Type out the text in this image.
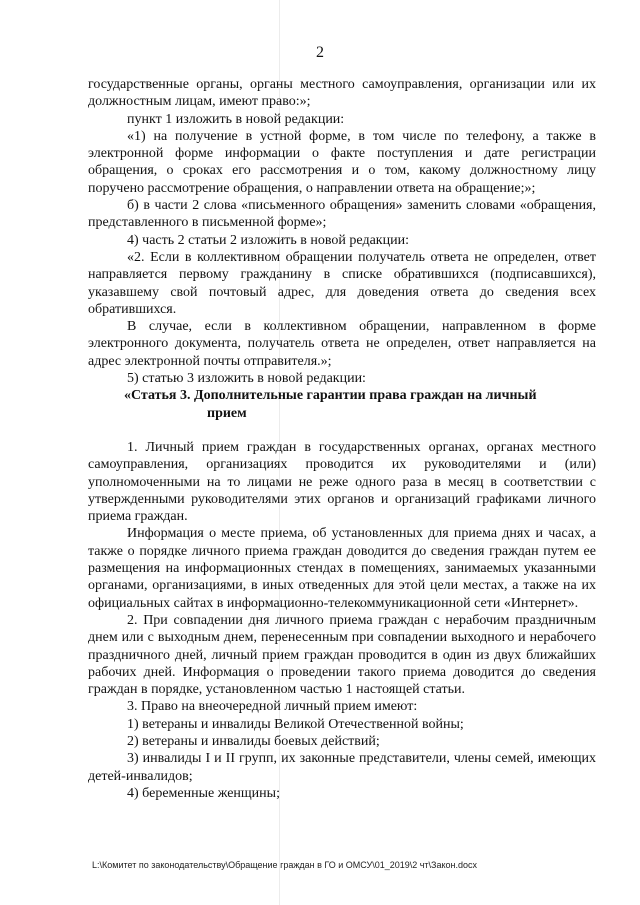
2

государственные органы, органы местного самоуправления, организации или их должностным лицам, имеют право:»;

пункт 1 изложить в новой редакции:

«1) на получение в устной форме, в том числе по телефону, а также в электронной форме информации о факте поступления и дате регистрации обращения, о сроках его рассмотрения и о том, какому должностному лицу поручено рассмотрение обращения, о направлении ответа на обращение;»;

б) в части 2 слова «письменного обращения» заменить словами «обращения, представленного в письменной форме»;

4) часть 2 статьи 2 изложить в новой редакции:

«2. Если в коллективном обращении получатель ответа не определен, ответ направляется первому гражданину в списке обратившихся (подписавшихся), указавшему свой почтовый адрес, для доведения ответа до сведения всех обратившихся.

В случае, если в коллективном обращении, направленном в форме электронного документа, получатель ответа не определен, ответ направляется на адрес электронной почты отправителя.»;

5) статью 3 изложить в новой редакции:

«Статья 3. Дополнительные гарантии права граждан на личный
прием

1. Личный прием граждан в государственных органах, органах местного самоуправления, организациях проводится их руководителями и (или) уполномоченными на то лицами не реже одного раза в месяц в соответствии с утвержденными руководителями этих органов и организаций графиками личного приема граждан.

Информация о месте приема, об установленных для приема днях и часах, а также о порядке личного приема граждан доводится до сведения граждан путем ее размещения на информационных стендах в помещениях, занимаемых указанными органами, организациями, в иных отведенных для этой цели местах, а также на их официальных сайтах в информационно-телекоммуникационной сети «Интернет».

2. При совпадении дня личного приема граждан с нерабочим праздничным днем или с выходным днем, перенесенным при совпадении выходного и нерабочего праздничного дней, личный прием граждан проводится в один из двух ближайших рабочих дней. Информация о проведении такого приема доводится до сведения граждан в порядке, установленном частью 1 настоящей статьи.

3. Право на внеочередной личный прием имеют:

1) ветераны и инвалиды Великой Отечественной войны;

2) ветераны и инвалиды боевых действий;

3) инвалиды I и II групп, их законные представители, члены семей, имеющих детей-инвалидов;

4) беременные женщины;

L:\Комитет по законодательству\Обращение граждан в ГО и ОМСУ\01_2019\2 чт\Закон.docx
